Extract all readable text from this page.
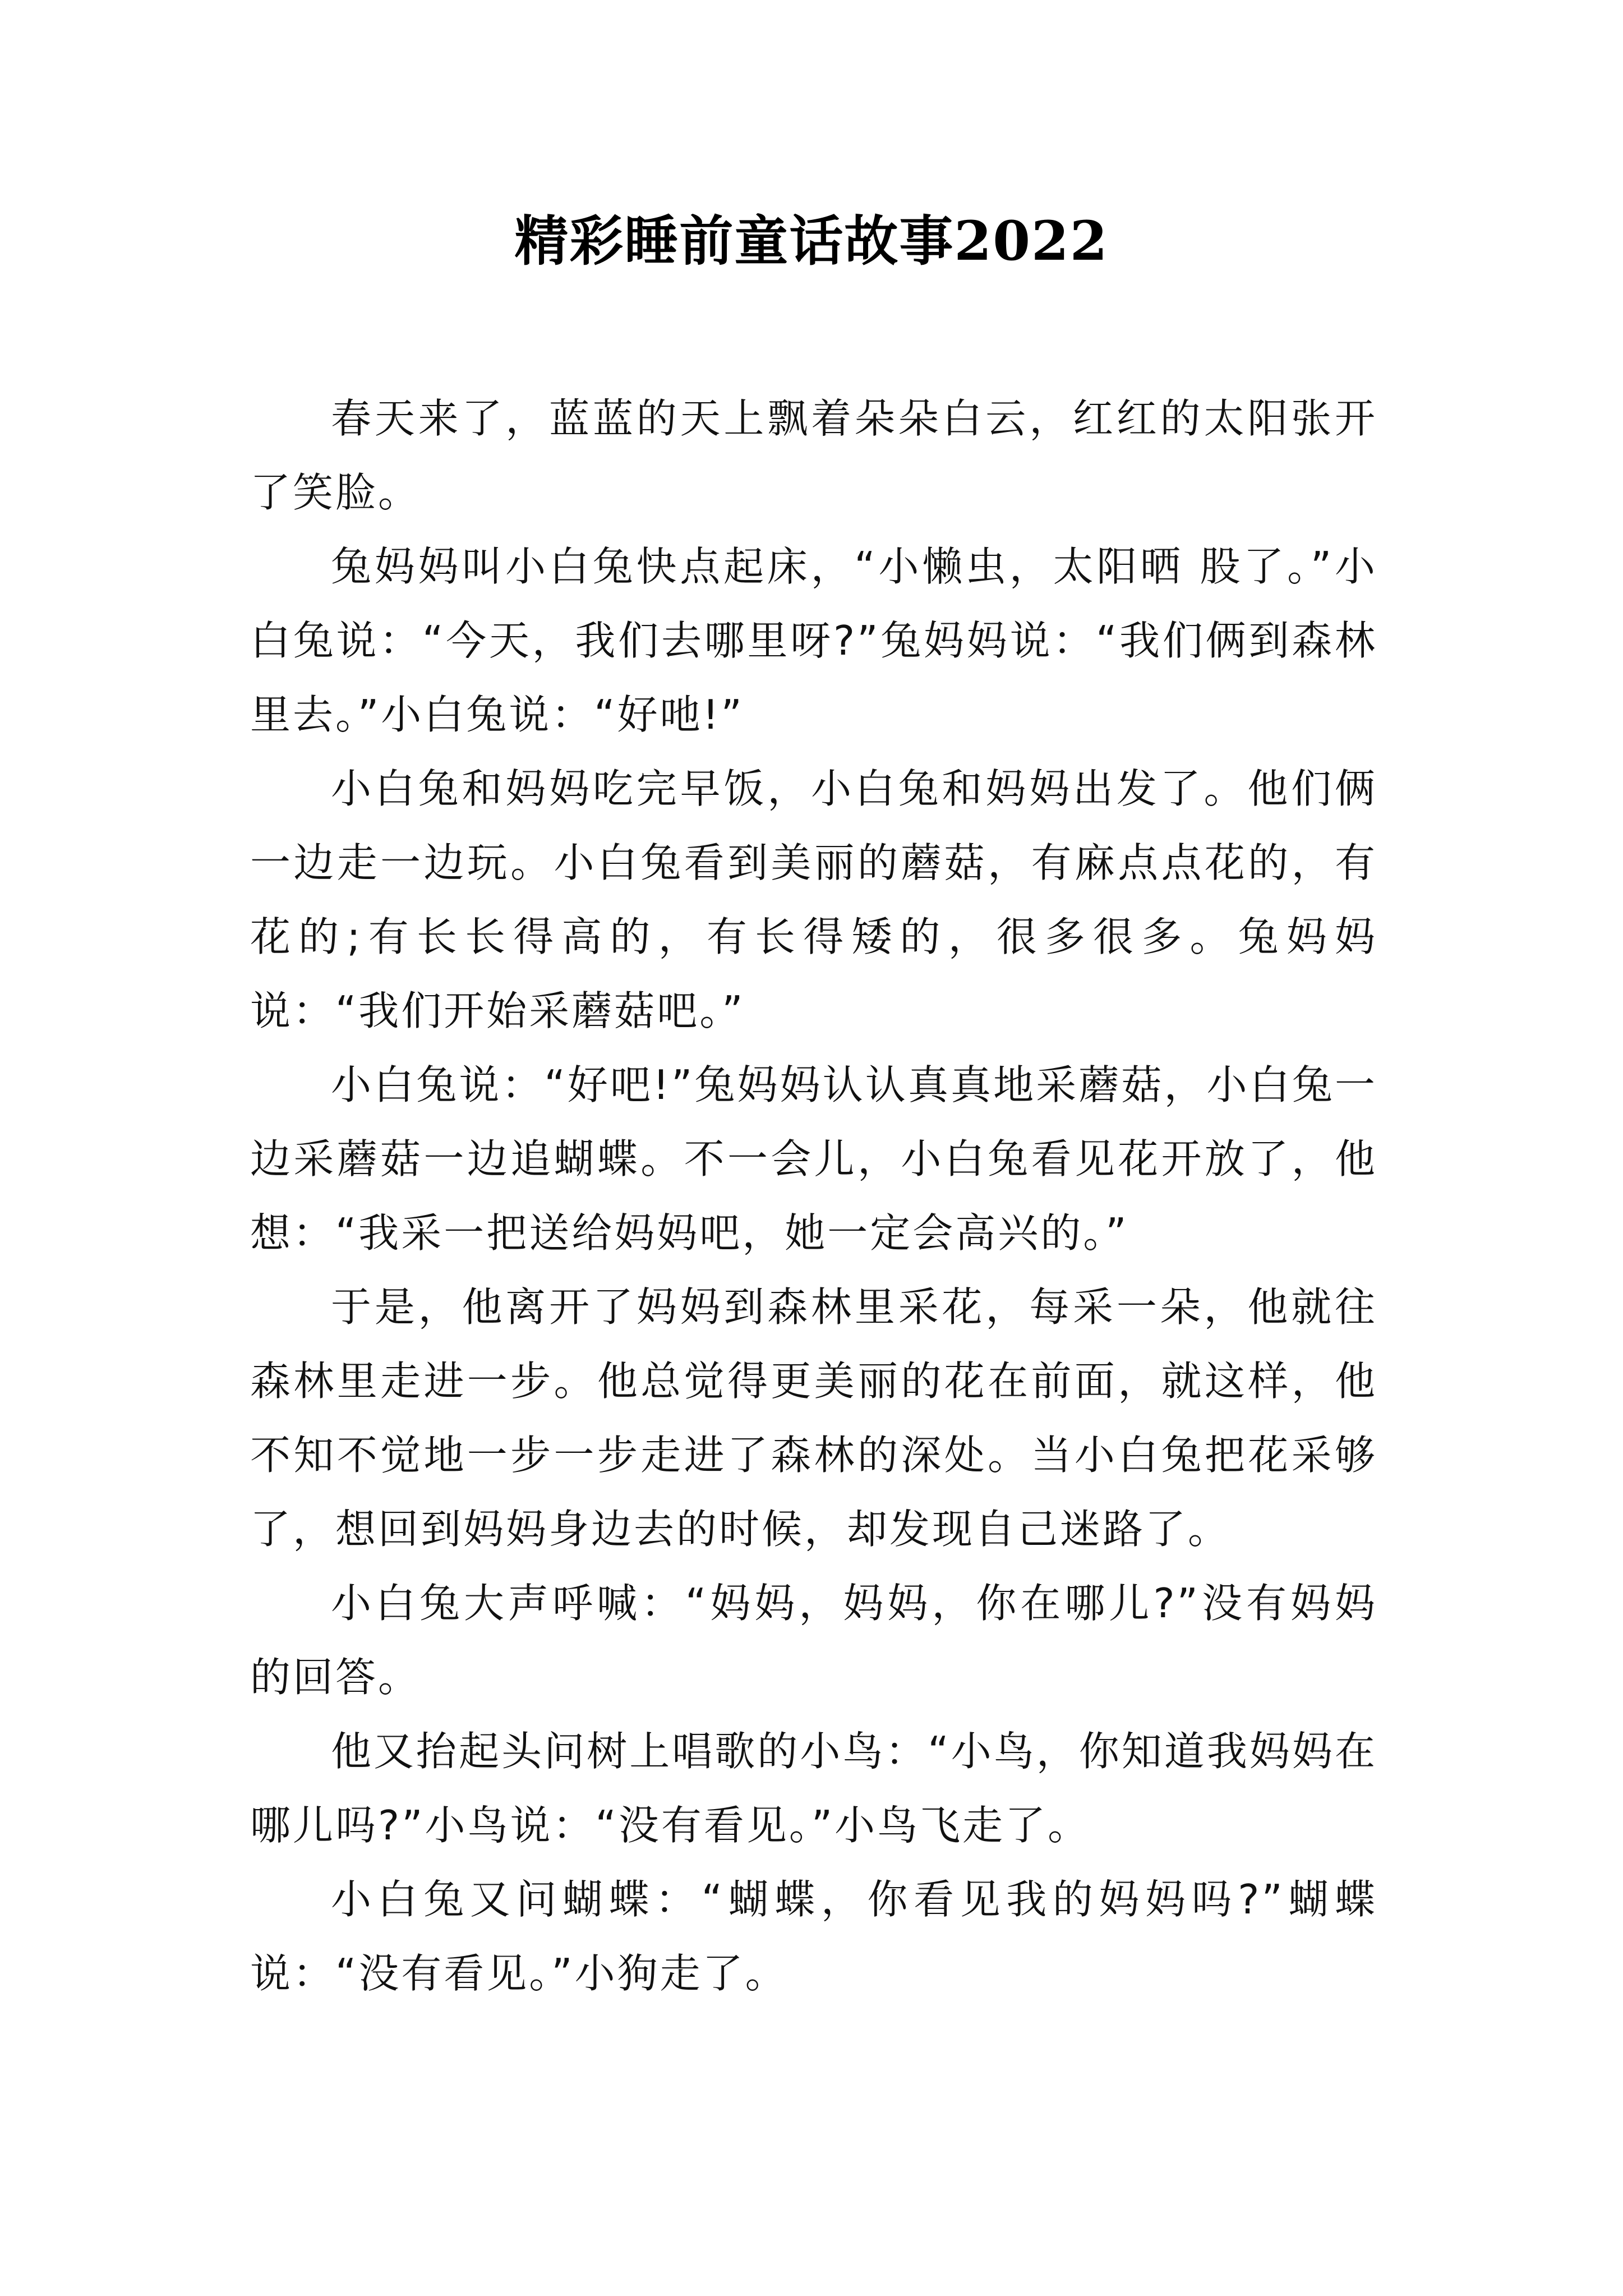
精彩睡前童话故事2022

春天来了，蓝蓝的天上飘着朵朵白云，红红的太阳张开了笑脸。

兔妈妈叫小白兔快点起床，“小懒虫，太阳晒 股了。”小白兔说：“今天，我们去哪里呀?”兔妈妈说：“我们俩到森林里去。”小白兔说：“好吔!”

小白兔和妈妈吃完早饭，小白兔和妈妈出发了。他们俩一边走一边玩。小白兔看到美丽的蘑菇，有麻点点花的，有花的;有长长得高的，有长得矮的，很多很多。兔妈妈说：“我们开始采蘑菇吧。”

小白兔说：“好吧!”兔妈妈认认真真地采蘑菇，小白兔一边采蘑菇一边追蝴蝶。不一会儿，小白兔看见花开放了，他想：“我采一把送给妈妈吧，她一定会高兴的。”

于是，他离开了妈妈到森林里采花，每采一朵，他就往森林里走进一步。他总觉得更美丽的花在前面，就这样，他不知不觉地一步一步走进了森林的深处。当小白兔把花采够了，想回到妈妈身边去的时候，却发现自己迷路了。

小白兔大声呼喊：“妈妈，妈妈，你在哪儿?”没有妈妈的回答。

他又抬起头问树上唱歌的小鸟：“小鸟，你知道我妈妈在哪儿吗?”小鸟说：“没有看见。”小鸟飞走了。

小白兔又问蝴蝶：“蝴蝶，你看见我的妈妈吗?”蝴蝶说：“没有看见。”小狗走了。
